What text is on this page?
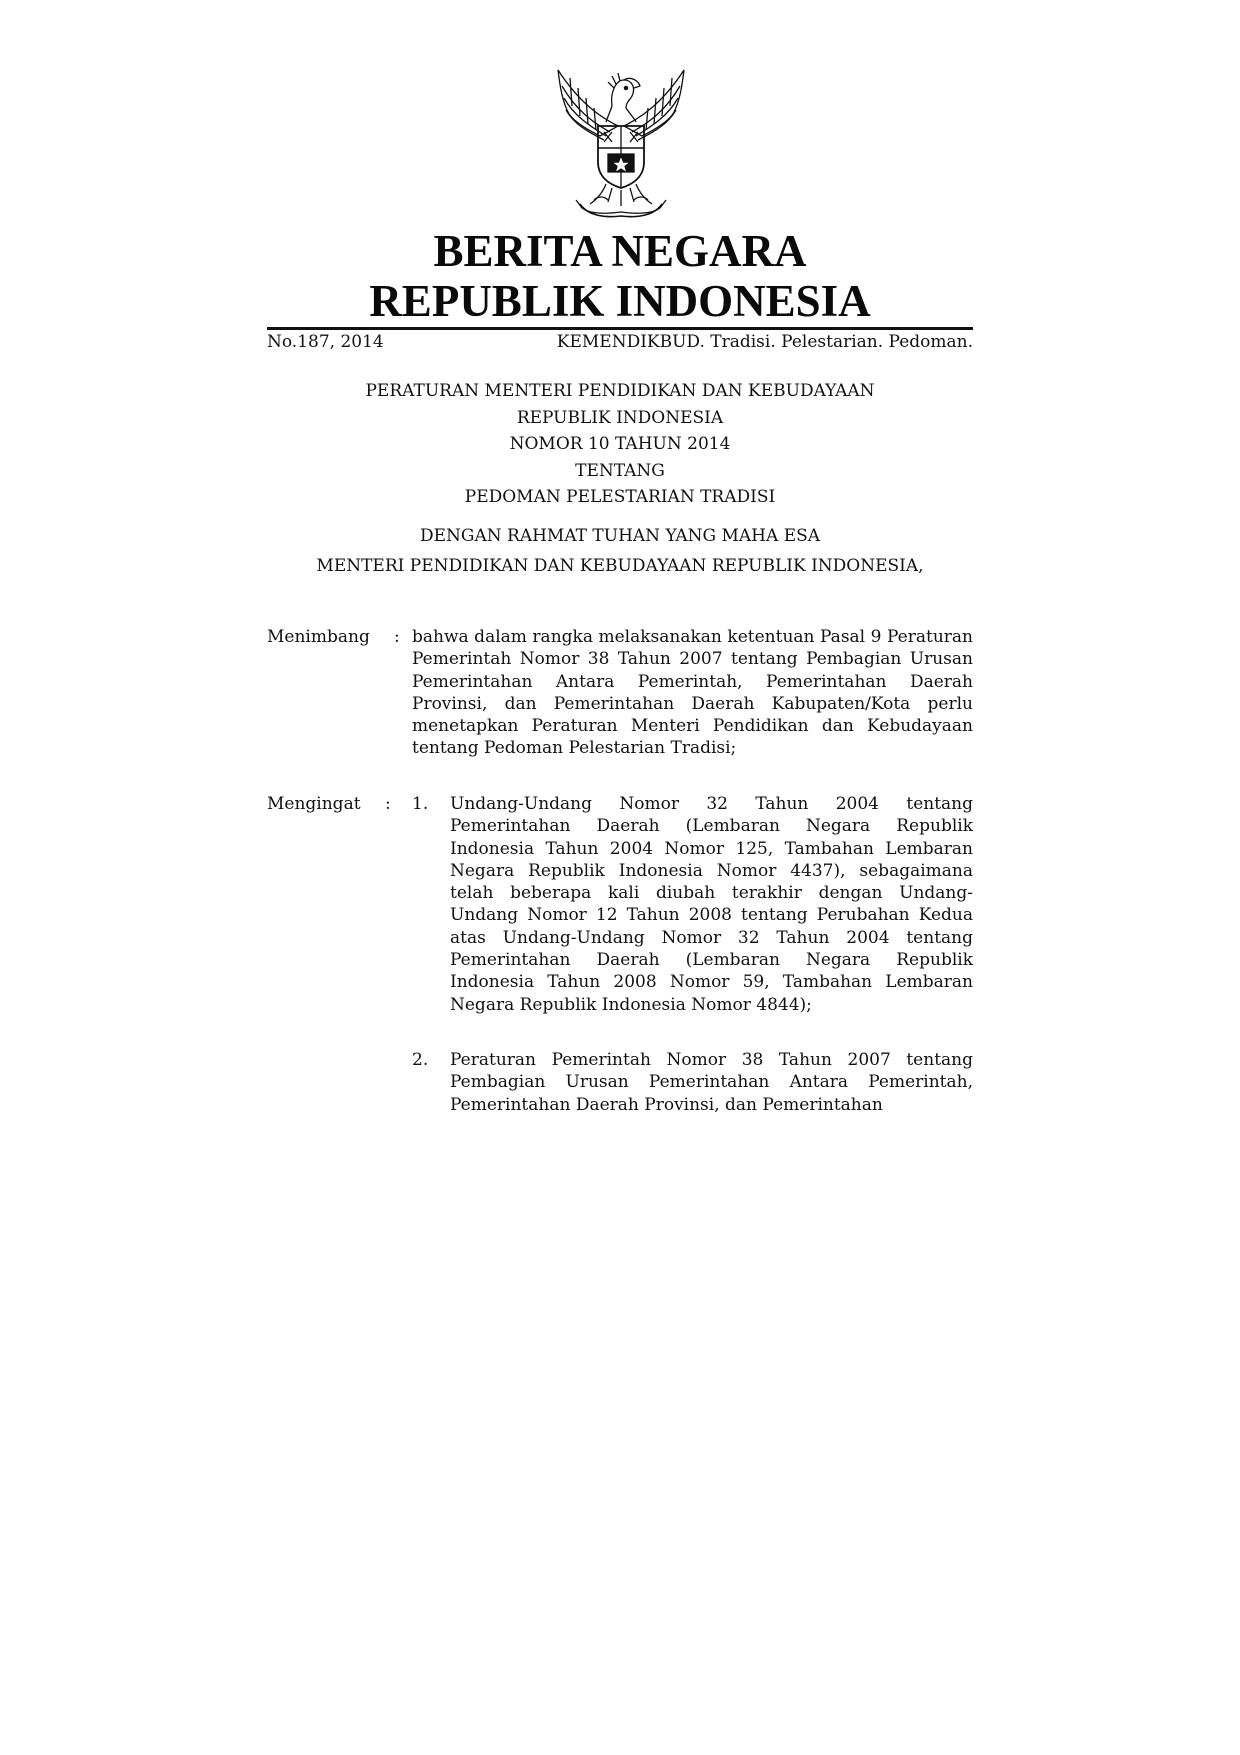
BERITA NEGARA
REPUBLIK INDONESIA
No.187, 2014	KEMENDIKBUD. Tradisi. Pelestarian. Pedoman.
PERATURAN MENTERI PENDIDIKAN DAN KEBUDAYAAN
REPUBLIK INDONESIA
NOMOR 10 TAHUN 2014
TENTANG
PEDOMAN PELESTARIAN TRADISI
DENGAN RAHMAT TUHAN YANG MAHA ESA
MENTERI PENDIDIKAN DAN KEBUDAYAAN REPUBLIK INDONESIA,
Menimbang : bahwa dalam rangka melaksanakan ketentuan Pasal 9 Peraturan Pemerintah Nomor 38 Tahun 2007 tentang Pembagian Urusan Pemerintahan Antara Pemerintah, Pemerintahan Daerah Provinsi, dan Pemerintahan Daerah Kabupaten/Kota perlu menetapkan Peraturan Menteri Pendidikan dan Kebudayaan tentang Pedoman Pelestarian Tradisi;

Mengingat : 1. Undang-Undang Nomor 32 Tahun 2004 tentang Pemerintahan Daerah (Lembaran Negara Republik Indonesia Tahun 2004 Nomor 125, Tambahan Lembaran Negara Republik Indonesia Nomor 4437), sebagaimana telah beberapa kali diubah terakhir dengan Undang-Undang Nomor 12 Tahun 2008 tentang Perubahan Kedua atas Undang-Undang Nomor 32 Tahun 2004 tentang Pemerintahan Daerah (Lembaran Negara Republik Indonesia Tahun 2008 Nomor 59, Tambahan Lembaran Negara Republik Indonesia Nomor 4844);

2. Peraturan Pemerintah Nomor 38 Tahun 2007 tentang Pembagian Urusan Pemerintahan Antara Pemerintah, Pemerintahan Daerah Provinsi, dan Pemerintahan
